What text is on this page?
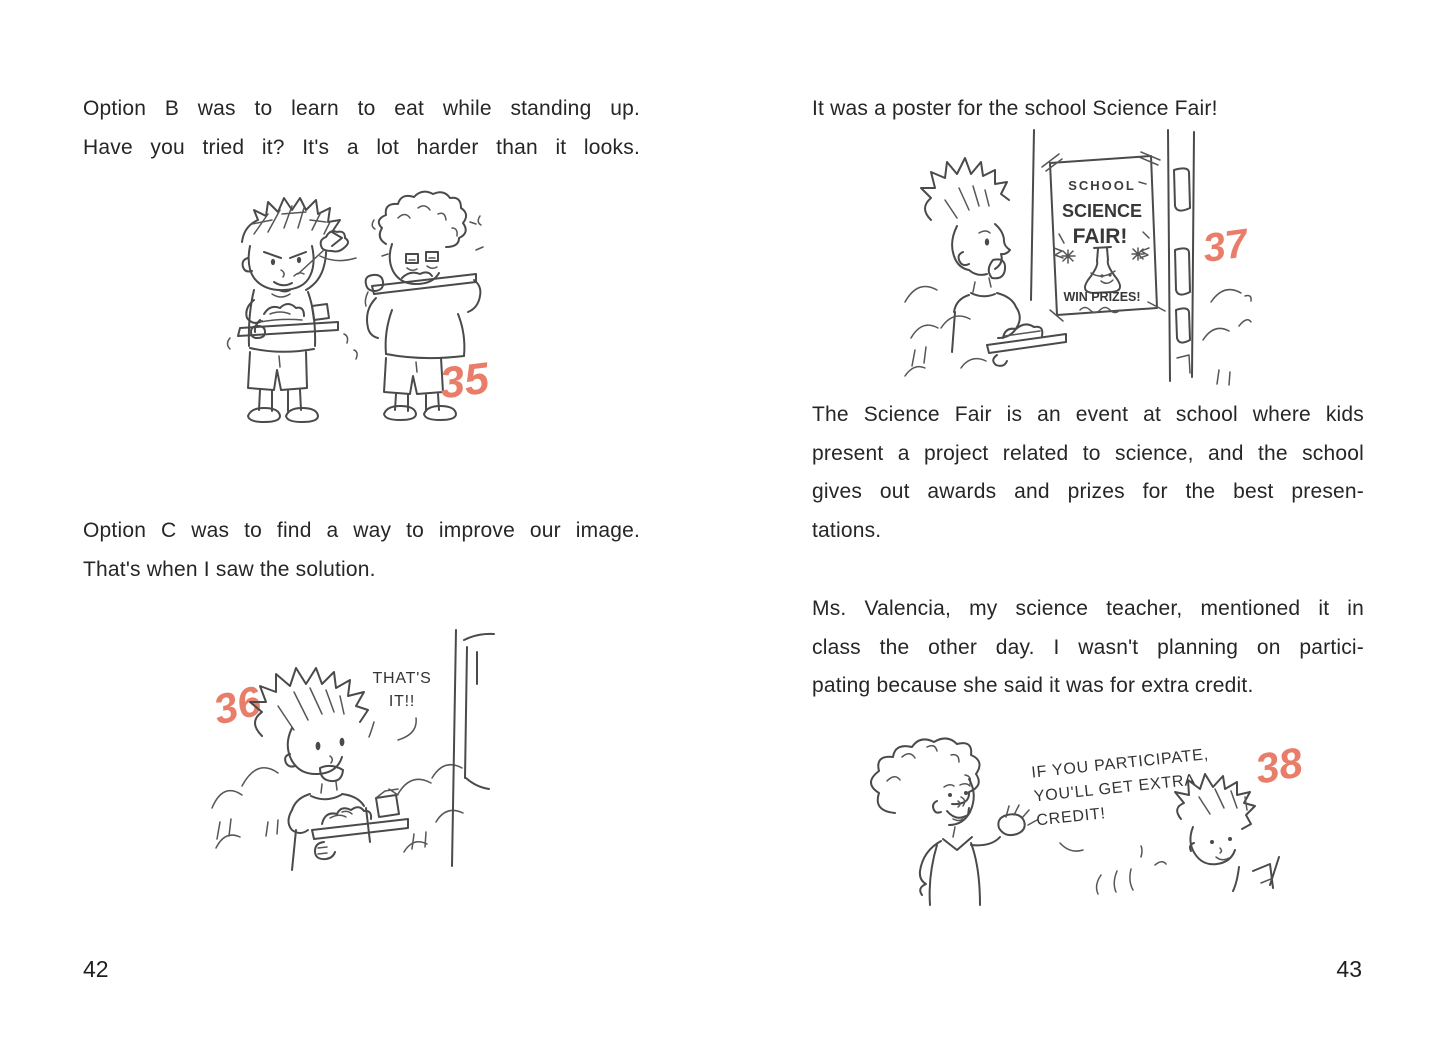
Option B was to learn to eat while standing up.
Have you tried it? It's a lot harder than it looks.
35
Option C was to find a way to improve our image.
That's when I saw the solution.
36	THAT'S
IT!!
42
It was a poster for the school Science Fair!
SCHOOL
SCIENCE
FAIR!
WIN PRIZES!
37
The Science Fair is an event at school where kids
present a project related to science, and the school
gives out awards and prizes for the best presen-
tations.
Ms. Valencia, my science teacher, mentioned it in
class the other day. I wasn't planning on partici-
pating because she said it was for extra credit.
IF YOU PARTICIPATE,
YOU'LL GET EXTRA
CREDIT!
38
43
